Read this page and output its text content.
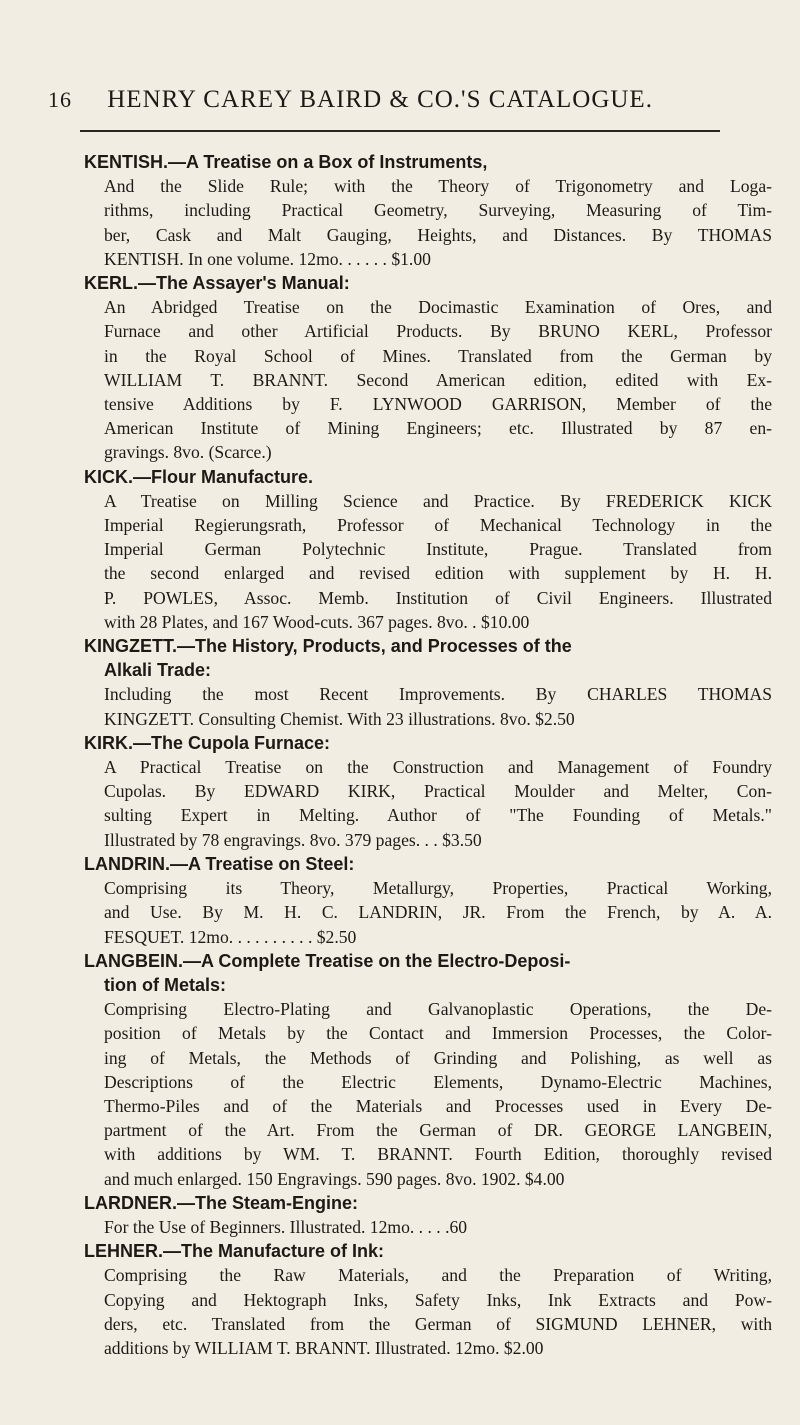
16 HENRY CAREY BAIRD & CO.'S CATALOGUE.
KENTISH.—A Treatise on a Box of Instruments,
And the Slide Rule; with the Theory of Trigonometry and Loga-
rithms, including Practical Geometry, Surveying, Measuring of Tim-
ber, Cask and Malt Gauging, Heights, and Distances. By THOMAS
KENTISH. In one volume. 12mo. . . . . . $1.00
KERL.—The Assayer's Manual:
An Abridged Treatise on the Docimastic Examination of Ores, and
Furnace and other Artificial Products. By BRUNO KERL, Professor
in the Royal School of Mines. Translated from the German by
WILLIAM T. BRANNT. Second American edition, edited with Ex-
tensive Additions by F. LYNWOOD GARRISON, Member of the
American Institute of Mining Engineers; etc. Illustrated by 87 en-
gravings. 8vo. (Scarce.)
KICK.—Flour Manufacture.
A Treatise on Milling Science and Practice. By FREDERICK KICK
Imperial Regierungsrath, Professor of Mechanical Technology in the
Imperial German Polytechnic Institute, Prague. Translated from
the second enlarged and revised edition with supplement by H. H.
P. POWLES, Assoc. Memb. Institution of Civil Engineers. Illustrated
with 28 Plates, and 167 Wood-cuts. 367 pages. 8vo. . $10.00
KINGZETT.—The History, Products, and Processes of the
Alkali Trade:
Including the most Recent Improvements. By CHARLES THOMAS
KINGZETT. Consulting Chemist. With 23 illustrations. 8vo. $2.50
KIRK.—The Cupola Furnace:
A Practical Treatise on the Construction and Management of Foundry
Cupolas. By EDWARD KIRK, Practical Moulder and Melter, Con-
sulting Expert in Melting. Author of "The Founding of Metals."
Illustrated by 78 engravings. 8vo. 379 pages. . . $3.50
LANDRIN.—A Treatise on Steel:
Comprising its Theory, Metallurgy, Properties, Practical Working,
and Use. By M. H. C. LANDRIN, JR. From the French, by A. A.
FESQUET. 12mo. . . . . . . . . . $2.50
LANGBEIN.—A Complete Treatise on the Electro-Deposi-
tion of Metals:
Comprising Electro-Plating and Galvanoplastic Operations, the De-
position of Metals by the Contact and Immersion Processes, the Color-
ing of Metals, the Methods of Grinding and Polishing, as well as
Descriptions of the Electric Elements, Dynamo-Electric Machines,
Thermo-Piles and of the Materials and Processes used in Every De-
partment of the Art. From the German of DR. GEORGE LANGBEIN,
with additions by WM. T. BRANNT. Fourth Edition, thoroughly revised
and much enlarged. 150 Engravings. 590 pages. 8vo. 1902. $4.00
LARDNER.—The Steam-Engine:
For the Use of Beginners. Illustrated. 12mo. . . . .60
LEHNER.—The Manufacture of Ink:
Comprising the Raw Materials, and the Preparation of Writing,
Copying and Hektograph Inks, Safety Inks, Ink Extracts and Pow-
ders, etc. Translated from the German of SIGMUND LEHNER, with
additions by WILLIAM T. BRANNT. Illustrated. 12mo. $2.00
